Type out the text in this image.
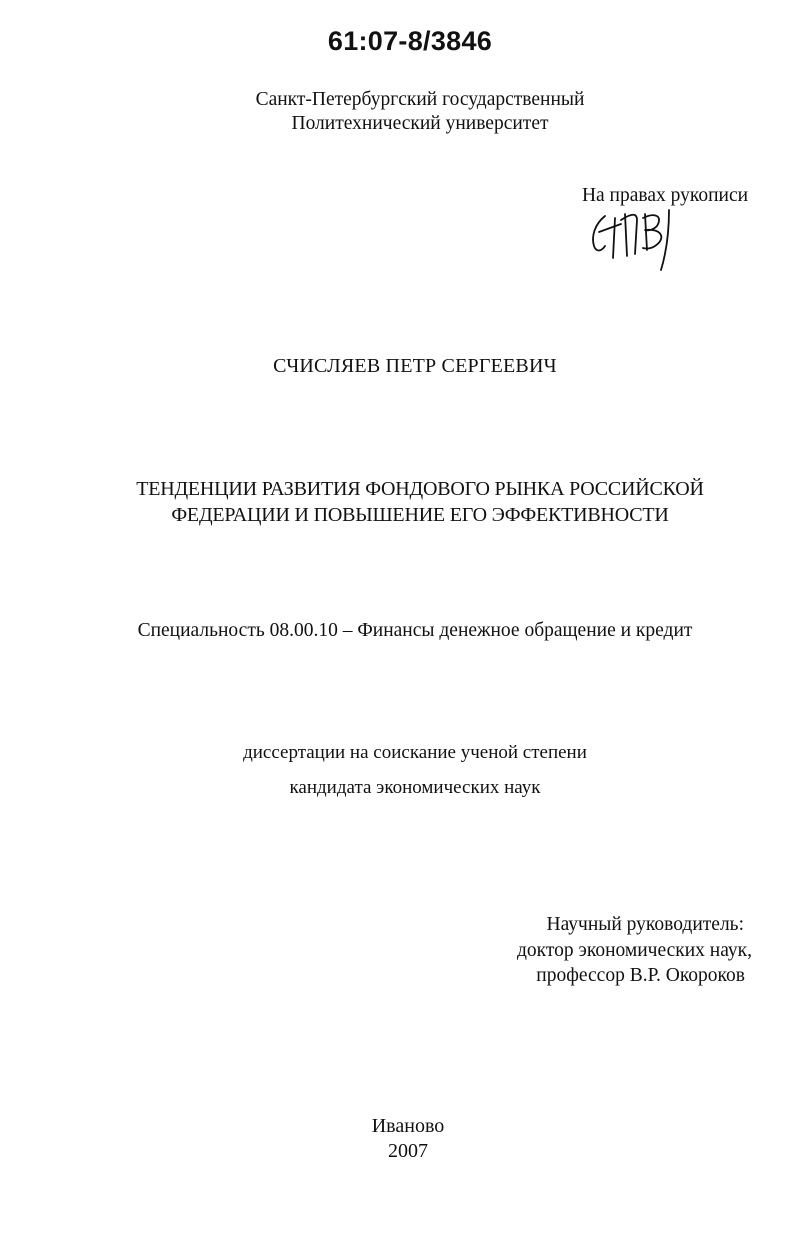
61:07-8/3846
Санкт-Петербургский государственный
Политехнический университет
На правах рукописи
СЧИСЛЯЕВ ПЕТР СЕРГЕЕВИЧ
ТЕНДЕНЦИИ РАЗВИТИЯ ФОНДОВОГО РЫНКА РОССИЙСКОЙ
ФЕДЕРАЦИИ И ПОВЫШЕНИЕ ЕГО ЭФФЕКТИВНОСТИ
Специальность 08.00.10 – Финансы денежное обращение и кредит
диссертации на соискание ученой степени
кандидата экономических наук
Научный руководитель:
доктор экономических наук,
профессор В.Р. Окороков
Иваново
2007
